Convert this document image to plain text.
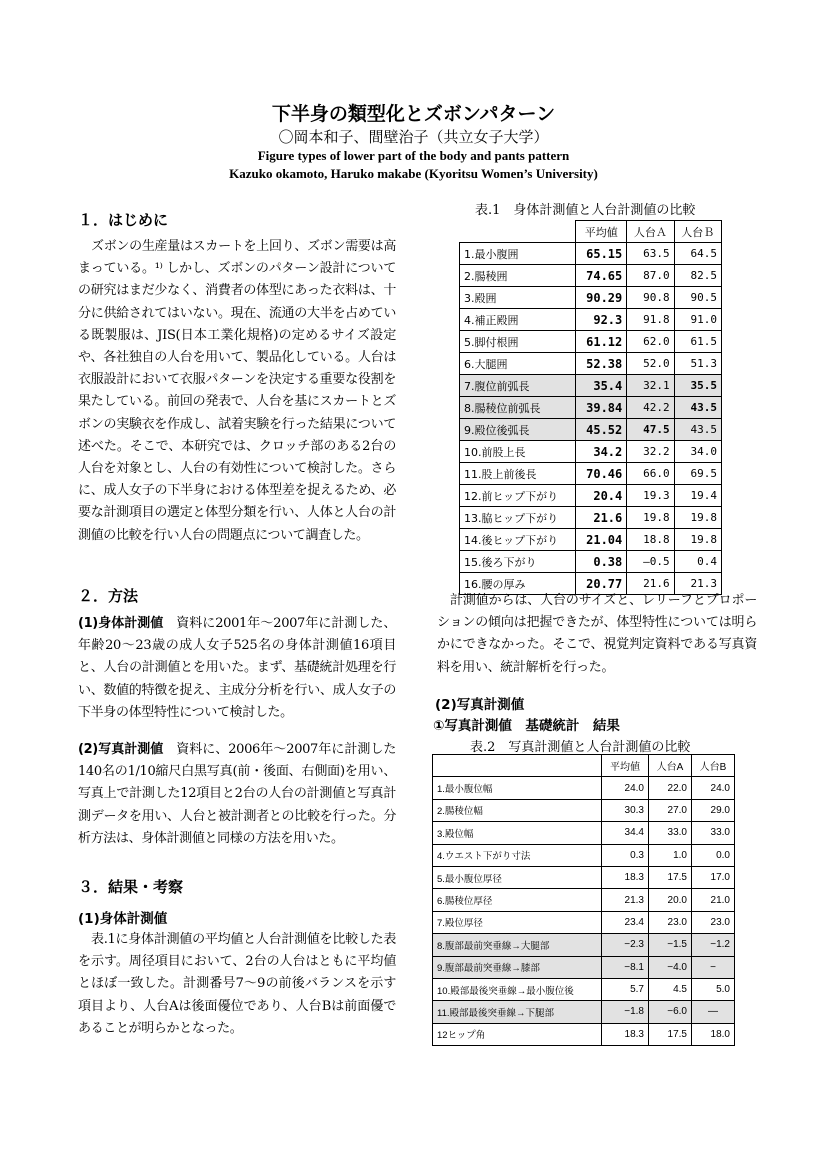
下半身の類型化とズボンパターン
〇岡本和子、間壁治子（共立女子大学）
Figure types of lower part of the body and pants pattern
Kazuko okamoto, Haruko makabe (Kyoritsu Women’s University)
１．はじめに
ズボンの生産量はスカートを上回り、ズボン需要は高まっている。¹⁾ しかし、ズボンのパターン設計についての研究はまだ少なく、消費者の体型にあった衣料は、十分に供給されてはいない。現在、流通の大半を占めている既製服は、JIS(日本工業化規格)の定めるサイズ設定や、各社独自の人台を用いて、製品化している。人台は衣服設計において衣服パターンを決定する重要な役割を果たしている。前回の発表で、人台を基にスカートとズボンの実験衣を作成し、試着実験を行った結果について述べた。そこで、本研究では、クロッチ部のある2台の人台を対象とし、人台の有効性について検討した。さらに、成人女子の下半身における体型差を捉えるため、必要な計測項目の選定と体型分類を行い、人体と人台の計測値の比較を行い人台の問題点について調査した。
２．方法
(1)身体計測値　資料に2001年～2007年に計測した、年齢20～23歳の成人女子525名の身体計測値16項目と、人台の計測値とを用いた。まず、基礎統計処理を行い、数値的特徴を捉え、主成分分析を行い、成人女子の下半身の体型特性について検討した。
(2)写真計測値　資料に、2006年～2007年に計測した140名の1/10縮尺白黒写真(前・後面、右側面)を用い、写真上で計測した12項目と2台の人台の計測値と写真計測データを用い、人台と被計測者との比較を行った。分析方法は、身体計測値と同様の方法を用いた。
３．結果・考察
(1)身体計測値
表.1に身体計測値の平均値と人台計測値を比較した表を示す。周径項目において、2台の人台はともに平均値とほぼ一致した。計測番号7～9の前後バランスを示す項目より、人台Aは後面優位であり、人台Bは前面優であることが明らかとなった。
表.1　身体計測値と人台計測値の比較
	平均値	人台Ａ	人台Ｂ
1.最小腹囲	65.15	63.5	64.5
2.腸稜囲	74.65	87.0	82.5
3.殿囲	90.29	90.8	90.5
4.補正殿囲	92.3	91.8	91.0
5.脚付根囲	61.12	62.0	61.5
6.大腿囲	52.38	52.0	51.3
7.腹位前弧長	35.4	32.1	35.5
8.腸稜位前弧長	39.84	42.2	43.5
9.殿位後弧長	45.52	47.5	43.5
10.前股上長	34.2	32.2	34.0
11.股上前後長	70.46	66.0	69.5
12.前ヒップ下がり	20.4	19.3	19.4
13.脇ヒップ下がり	21.6	19.8	19.8
14.後ヒップ下がり	21.04	18.8	19.8
15.後ろ下がり	0.38	–0.5	0.4
16.腰の厚み	20.77	21.6	21.3
計測値からは、人台のサイズと、レリーフとプロポーションの傾向は把握できたが、体型特性については明らかにできなかった。そこで、視覚判定資料である写真資料を用い、統計解析を行った。
(2)写真計測値
①写真計測値　基礎統計　結果
表.2　写真計測値と人台計測値の比較
	平均値	人台A	人台B
1.最小腹位幅	24.0	22.0	24.0
2.腸稜位幅	30.3	27.0	29.0
3.殿位幅	34.4	33.0	33.0
4.ウエスト下がり寸法	0.3	1.0	0.0
5.最小腹位厚径	18.3	17.5	17.0
6.腸稜位厚径	21.3	20.0	21.0
7.殿位厚径	23.4	23.0	23.0
8.腹部最前突垂線→大腿部	−2.3	−1.5	−1.2
9.腹部最前突垂線→膝部	−8.1	−4.0	−
10.殿部最後突垂線→最小腹位後	5.7	4.5	5.0
11.殿部最後突垂線→下腿部	−1.8	−6.0	—
12ヒップ角	18.3	17.5	18.0
